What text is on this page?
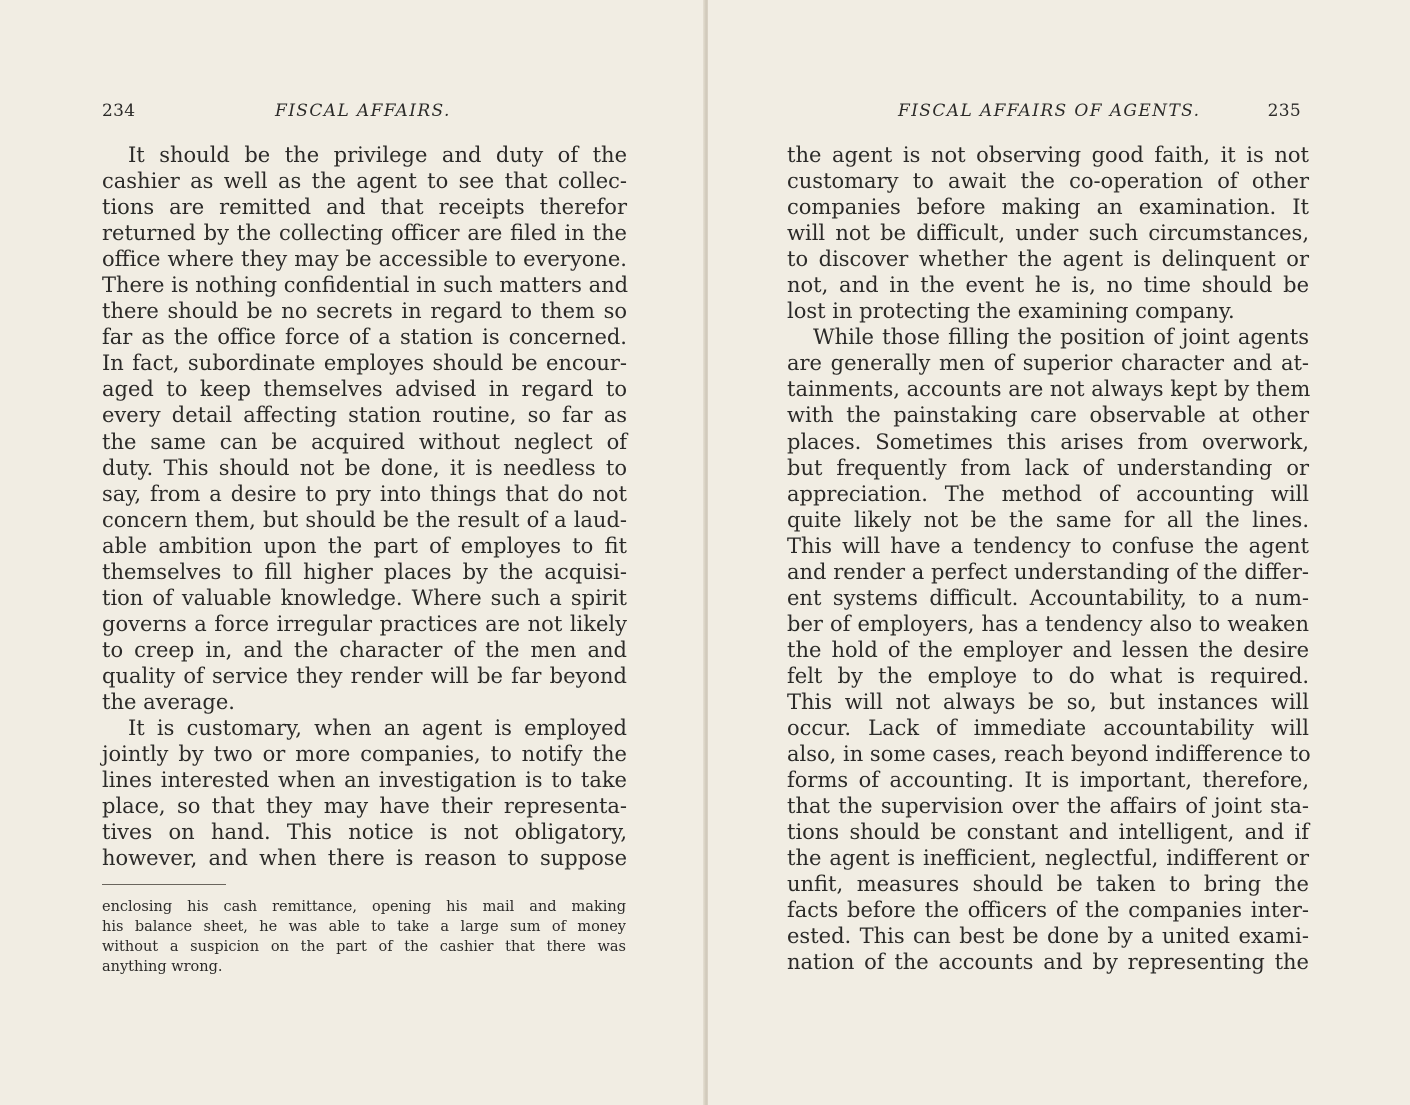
234	FISCAL AFFAIRS.
It should be the privilege and duty of the
cashier as well as the agent to see that collec-
tions are remitted and that receipts therefor
returned by the collecting officer are filed in the
office where they may be accessible to everyone.
There is nothing confidential in such matters and
there should be no secrets in regard to them so
far as the office force of a station is concerned.
In fact, subordinate employes should be encour-
aged to keep themselves advised in regard to
every detail affecting station routine, so far as
the same can be acquired without neglect of
duty. This should not be done, it is needless to
say, from a desire to pry into things that do not
concern them, but should be the result of a laud-
able ambition upon the part of employes to fit
themselves to fill higher places by the acquisi-
tion of valuable knowledge. Where such a spirit
governs a force irregular practices are not likely
to creep in, and the character of the men and
quality of service they render will be far beyond
the average.
It is customary, when an agent is employed
jointly by two or more companies, to notify the
lines interested when an investigation is to take
place, so that they may have their representa-
tives on hand. This notice is not obligatory,
however, and when there is reason to suppose
enclosing his cash remittance, opening his mail and making
his balance sheet, he was able to take a large sum of money
without a suspicion on the part of the cashier that there was
anything wrong.
FISCAL AFFAIRS OF AGENTS.	235
the agent is not observing good faith, it is not
customary to await the co-operation of other
companies before making an examination. It
will not be difficult, under such circumstances,
to discover whether the agent is delinquent or
not, and in the event he is, no time should be
lost in protecting the examining company.
While those filling the position of joint agents
are generally men of superior character and at-
tainments, accounts are not always kept by them
with the painstaking care observable at other
places. Sometimes this arises from overwork,
but frequently from lack of understanding or
appreciation. The method of accounting will
quite likely not be the same for all the lines.
This will have a tendency to confuse the agent
and render a perfect understanding of the differ-
ent systems difficult. Accountability, to a num-
ber of employers, has a tendency also to weaken
the hold of the employer and lessen the desire
felt by the employe to do what is required.
This will not always be so, but instances will
occur. Lack of immediate accountability will
also, in some cases, reach beyond indifference to
forms of accounting. It is important, therefore,
that the supervision over the affairs of joint sta-
tions should be constant and intelligent, and if
the agent is inefficient, neglectful, indifferent or
unfit, measures should be taken to bring the
facts before the officers of the companies inter-
ested. This can best be done by a united exami-
nation of the accounts and by representing the
